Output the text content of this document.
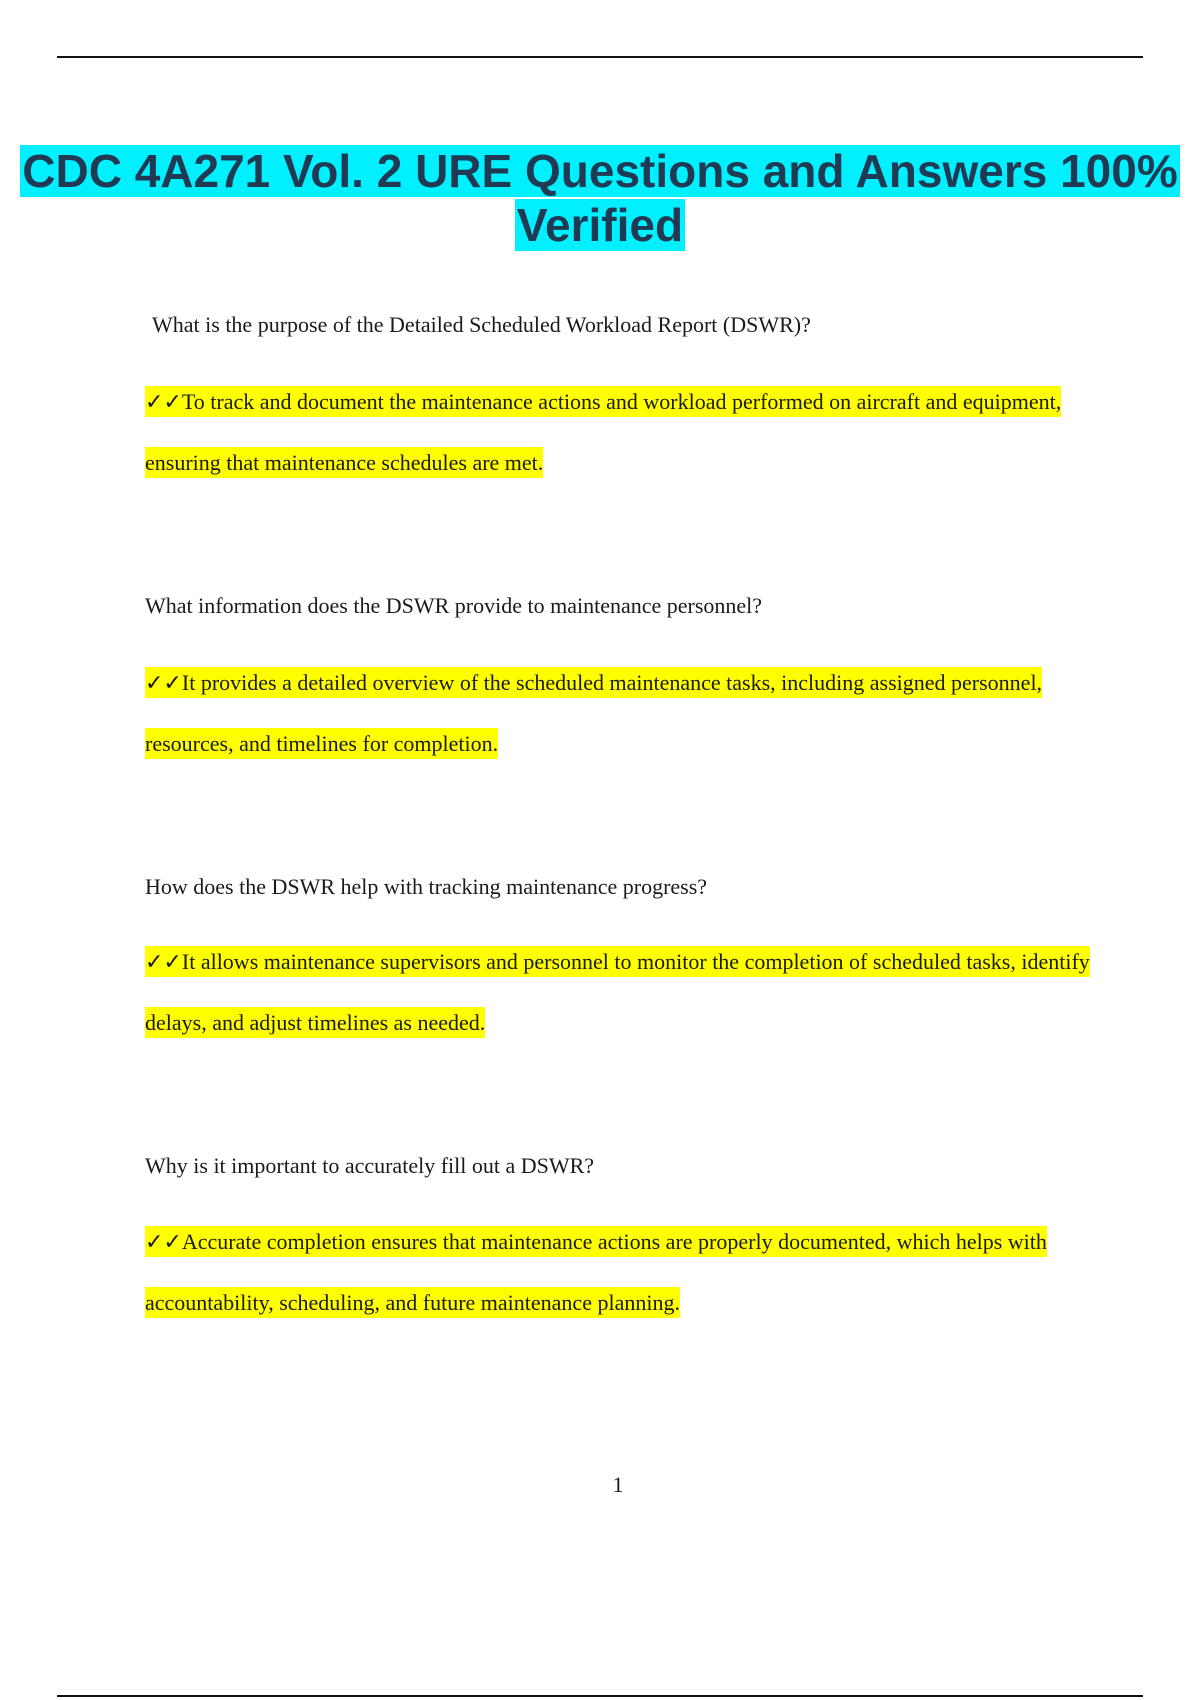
CDC 4A271 Vol. 2 URE Questions and Answers 100% Verified
What is the purpose of the Detailed Scheduled Workload Report (DSWR)?
✓✓To track and document the maintenance actions and workload performed on aircraft and equipment, ensuring that maintenance schedules are met.
What information does the DSWR provide to maintenance personnel?
✓✓It provides a detailed overview of the scheduled maintenance tasks, including assigned personnel, resources, and timelines for completion.
How does the DSWR help with tracking maintenance progress?
✓✓It allows maintenance supervisors and personnel to monitor the completion of scheduled tasks, identify delays, and adjust timelines as needed.
Why is it important to accurately fill out a DSWR?
✓✓Accurate completion ensures that maintenance actions are properly documented, which helps with accountability, scheduling, and future maintenance planning.
1
